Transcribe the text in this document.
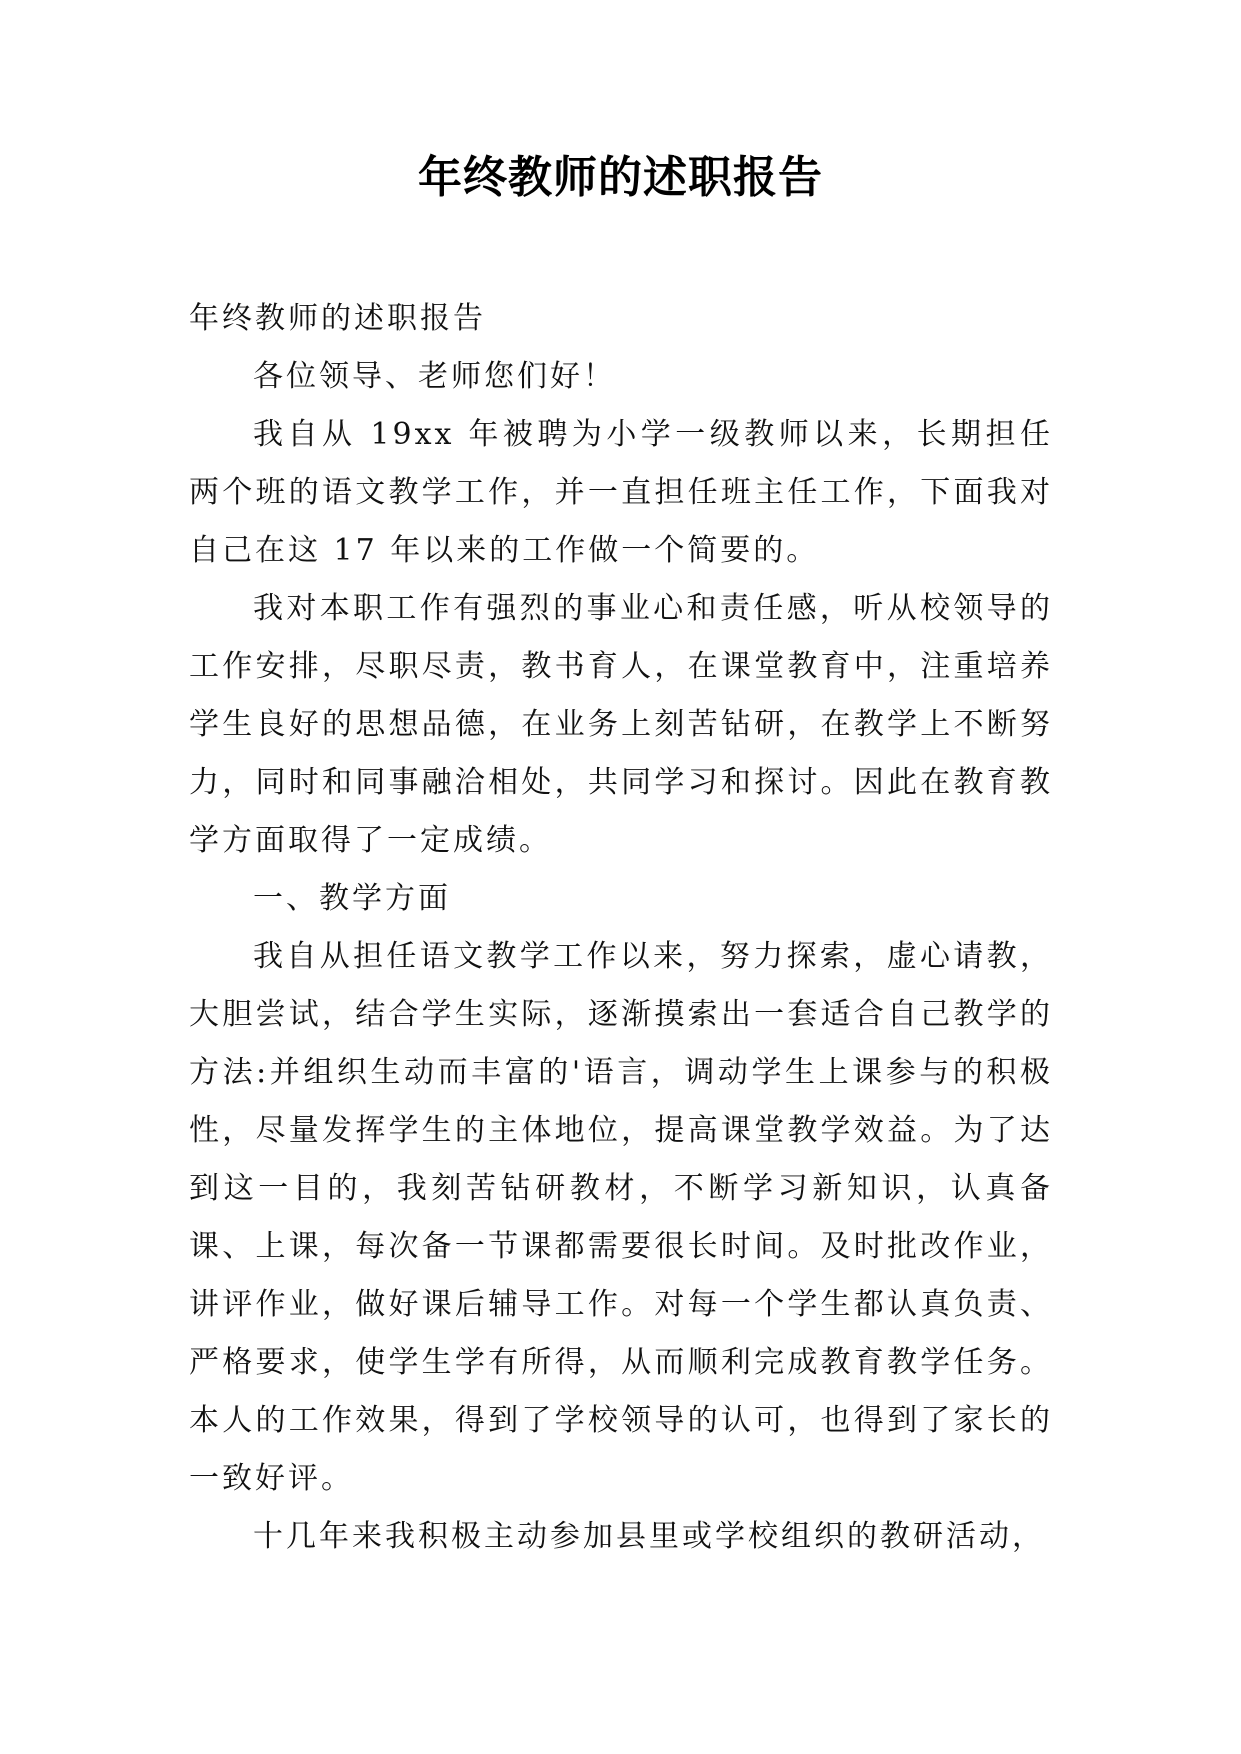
年终教师的述职报告

年终教师的述职报告

各位领导、老师您们好！

我自从 19xx 年被聘为小学一级教师以来，长期担任两个班的语文教学工作，并一直担任班主任工作，下面我对自己在这 17 年以来的工作做一个简要的。

我对本职工作有强烈的事业心和责任感，听从校领导的工作安排，尽职尽责，教书育人，在课堂教育中，注重培养学生良好的思想品德，在业务上刻苦钻研，在教学上不断努力，同时和同事融洽相处，共同学习和探讨。因此在教育教学方面取得了一定成绩。

一、教学方面

我自从担任语文教学工作以来，努力探索，虚心请教，大胆尝试，结合学生实际，逐渐摸索出一套适合自己教学的方法:并组织生动而丰富的'语言，调动学生上课参与的积极性，尽量发挥学生的主体地位，提高课堂教学效益。为了达到这一目的，我刻苦钻研教材，不断学习新知识，认真备课、上课，每次备一节课都需要很长时间。及时批改作业，讲评作业，做好课后辅导工作。对每一个学生都认真负责、严格要求，使学生学有所得，从而顺利完成教育教学任务。本人的工作效果，得到了学校领导的认可，也得到了家长的一致好评。

十几年来我积极主动参加县里或学校组织的教研活动，
